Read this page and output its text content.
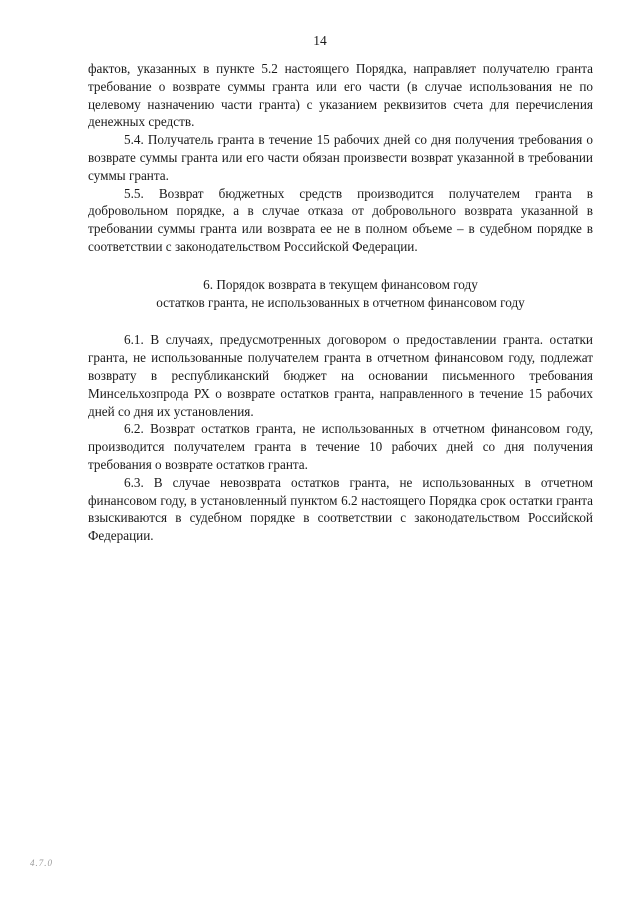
14

фактов, указанных в пункте 5.2 настоящего Порядка, направляет получателю гранта требование о возврате суммы гранта или его части (в случае использования не по целевому назначению части гранта) с указанием реквизитов счета для перечисления денежных средств.

5.4. Получатель гранта в течение 15 рабочих дней со дня получения требования о возврате суммы гранта или его части обязан произвести возврат указанной в требовании суммы гранта.

5.5. Возврат бюджетных средств производится получателем гранта в добровольном порядке, а в случае отказа от добровольного возврата указанной в требовании суммы гранта или возврата ее не в полном объеме – в судебном порядке в соответствии с законодательством Российской Федерации.

6. Порядок возврата в текущем финансовом году
остатков гранта, не использованных в отчетном финансовом году

6.1. В случаях, предусмотренных договором о предоставлении гранта. остатки гранта, не использованные получателем гранта в отчетном финансовом году, подлежат возврату в республиканский бюджет на основании письменного требования Минсельхозпрода РХ о возврате остатков гранта, направленного в течение 15 рабочих дней со дня их установления.

6.2. Возврат остатков гранта, не использованных в отчетном финансовом году, производится получателем гранта в течение 10 рабочих дней со дня получения требования о возврате остатков гранта.

6.3. В случае невозврата остатков гранта, не использованных в отчетном финансовом году, в установленный пунктом 6.2 настоящего Порядка срок остатки гранта взыскиваются в судебном порядке в соответствии с законодательством Российской Федерации.

4.7.0
